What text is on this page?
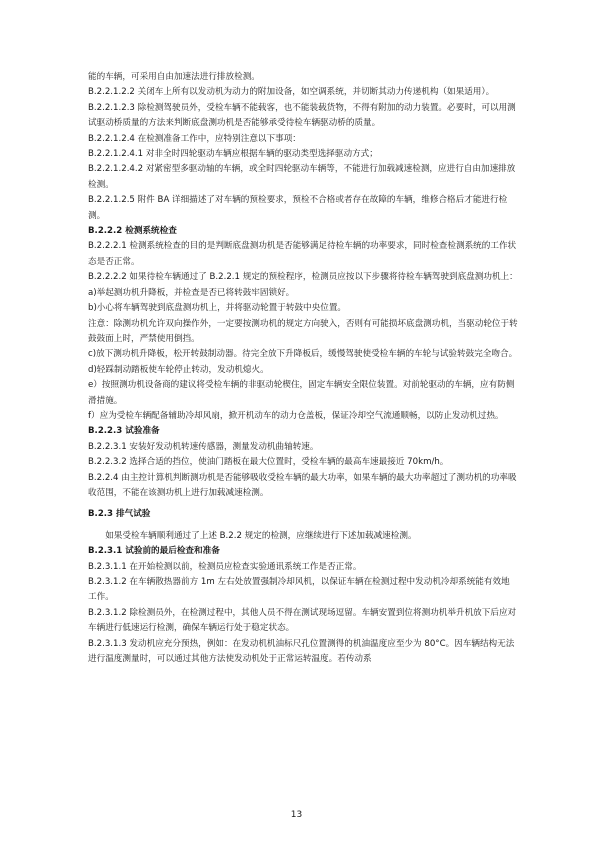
能的车辆，可采用自由加速法进行排放检测。

B.2.2.1.2.2 关闭车上所有以发动机为动力的附加设备，如空调系统，并切断其动力传递机构（如果适用）。

B.2.2.1.2.3 除检测驾驶员外，受检车辆不能载客，也不能装载货物，不得有附加的动力装置。必要时，可以用测试驱动桥质量的方法来判断底盘测功机是否能够承受待检车辆驱动桥的质量。

B.2.2.1.2.4 在检测准备工作中，应特别注意以下事项：

B.2.2.1.2.4.1 对非全时四轮驱动车辆应根据车辆的驱动类型选择驱动方式；

B.2.2.1.2.4.2 对紧密型多驱动轴的车辆，或全时四轮驱动车辆等，不能进行加载减速检测，应进行自由加速排放检测。

B.2.2.1.2.5 附件 BA 详细描述了对车辆的预检要求，预检不合格或者存在故障的车辆，维修合格后才能进行检测。

B.2.2.2 检测系统检查

B.2.2.2.1 检测系统检查的目的是判断底盘测功机是否能够满足待检车辆的功率要求，同时检查检测系统的工作状态是否正常。

B.2.2.2.2 如果待检车辆通过了 B.2.2.1 规定的预检程序，检测员应按以下步骤将待检车辆驾驶到底盘测功机上：

a)举起测功机升降板，并检查是否已将转鼓牢固锁好。

b)小心将车辆驾驶到底盘测功机上，并将驱动轮置于转鼓中央位置。

注意：除测功机允许双向操作外，一定要按测功机的规定方向驶入，否则有可能损坏底盘测功机，当驱动轮位于转鼓鼓面上时，严禁使用倒挡。

c)放下测功机升降板，松开转鼓制动器。待完全放下升降板后，缓慢驾驶使受检车辆的车轮与试验转鼓完全吻合。

d)轻踩制动踏板使车轮停止转动，发动机熄火。

e）按照测功机设备商的建议将受检车辆的非驱动轮楔住，固定车辆安全限位装置。对前轮驱动的车辆，应有防侧滑措施。

f）应为受检车辆配备辅助冷却风扇，掀开机动车的动力仓盖板，保证冷却空气流通顺畅，以防止发动机过热。

B.2.2.3 试验准备

B.2.2.3.1 安装好发动机转速传感器，测量发动机曲轴转速。

B.2.2.3.2 选择合适的挡位，使油门踏板在最大位置时，受检车辆的最高车速最接近 70km/h。

B.2.2.4 由主控计算机判断测功机是否能够吸收受检车辆的最大功率，如果车辆的最大功率超过了测功机的功率吸收范围，不能在该测功机上进行加载减速检测。

B.2.3 排气试验

如果受检车辆顺利通过了上述 B.2.2 规定的检测，应继续进行下述加载减速检测。

B.2.3.1 试验前的最后检查和准备

B.2.3.1.1 在开始检测以前，检测员应检查实验通讯系统工作是否正常。

B.2.3.1.2 在车辆散热器前方 1m 左右处放置强制冷却风机，以保证车辆在检测过程中发动机冷却系统能有效地工作。

B.2.3.1.2 除检测员外，在检测过程中，其他人员不得在测试现场逗留。车辆安置到位将测功机举升机放下后应对车辆进行低速运行检测，确保车辆运行处于稳定状态。

B.2.3.1.3 发动机应充分预热，例如：在发动机机油标尺孔位置测得的机油温度应至少为 80°C。因车辆结构无法进行温度测量时，可以通过其他方法使发动机处于正常运转温度。若传动系

13
